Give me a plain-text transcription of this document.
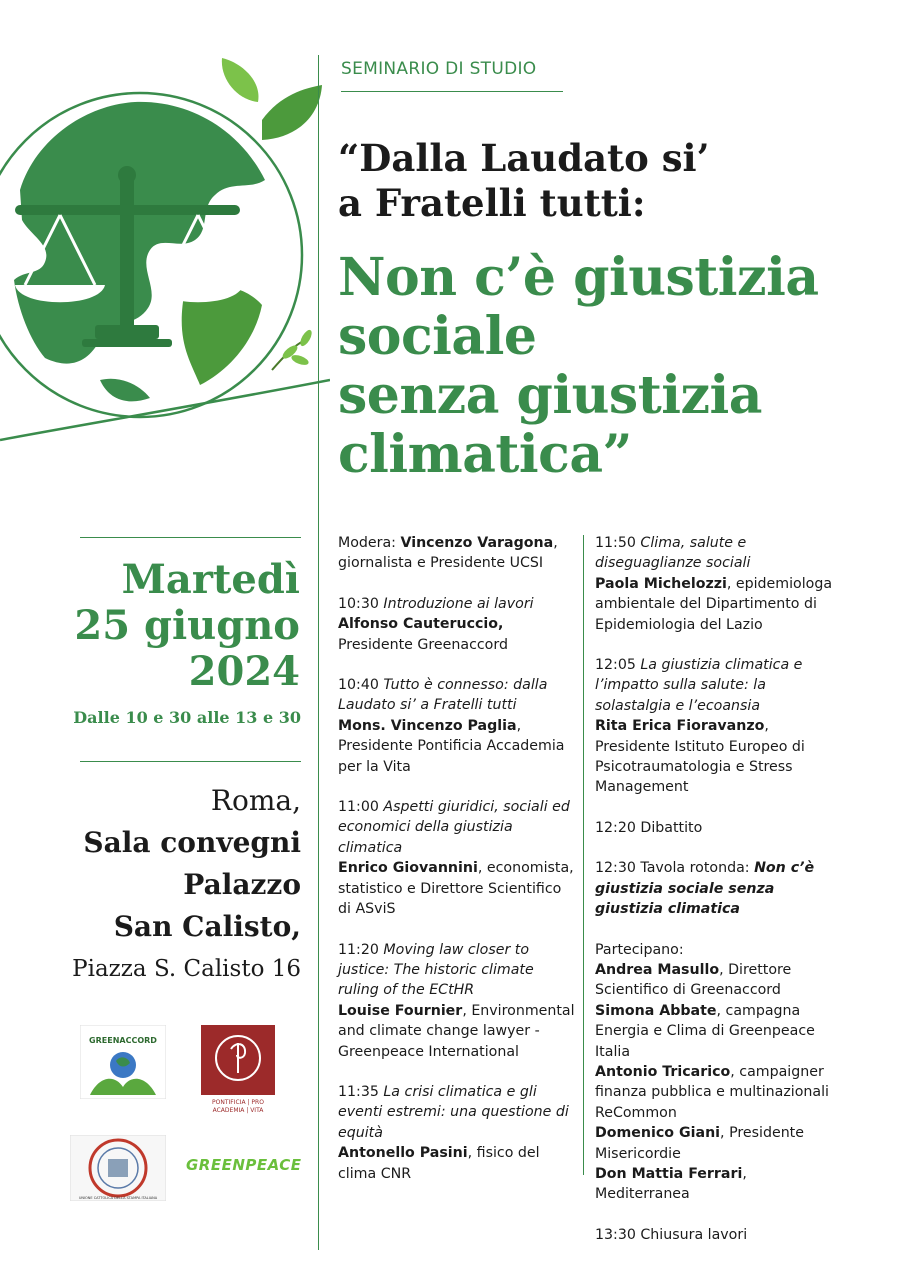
SEMINARIO DI STUDIO
“Dalla Laudato si’
a Fratelli tutti:
Non c’è giustizia
sociale
senza giustizia
climatica”
Martedì
25 giugno
2024
Dalle 10 e 30 alle 13 e 30
Roma,
Sala convegni
Palazzo
San Calisto,
Piazza S. Calisto 16
GREENACCORD
PONTIFICIA | PRO
ACADEMIA | VITA
UNIONE CATTOLICA DELLA STAMPA ITALIANA
GREENPEACE

Modera: Vincenzo Varagona, giornalista e Presidente UCSI

10:30 Introduzione ai lavori

Alfonso Cauteruccio, Presidente Greenaccord

10:40 Tutto è connesso: dalla Laudato si’ a Fratelli tutti

Mons. Vincenzo Paglia, Presidente Pontificia Accademia per la Vita

11:00 Aspetti giuridici, sociali ed economici della giustizia climatica

Enrico Giovannini, economista, statistico e Direttore Scientifico di ASviS

11:20 Moving law closer to justice: The historic climate ruling of the ECtHR

Louise Fournier, Environmental and climate change lawyer - Greenpeace International

11:35 La crisi climatica e gli eventi estremi: una questione di equità

Antonello Pasini, fisico del clima CNR

11:50 Clima, salute e diseguaglianze sociali

Paola Michelozzi, epidemiologa ambientale del Dipartimento di Epidemiologia del Lazio

12:05 La giustizia climatica e l’impatto sulla salute: la solastalgia e l’ecoansia

Rita Erica Fioravanzo, Presidente Istituto Europeo di Psicotraumatologia e Stress Management

12:20 Dibattito

12:30 Tavola rotonda: Non c’è giustizia sociale senza giustizia climatica

Partecipano:

Andrea Masullo, Direttore Scientifico di Greenaccord

Simona Abbate, campagna Energia e Clima di Greenpeace Italia

Antonio Tricarico, campaigner finanza pubblica e multinazionali ReCommon

Domenico Giani, Presidente Misericordie

Don Mattia Ferrari, Mediterranea

13:30 Chiusura lavori
